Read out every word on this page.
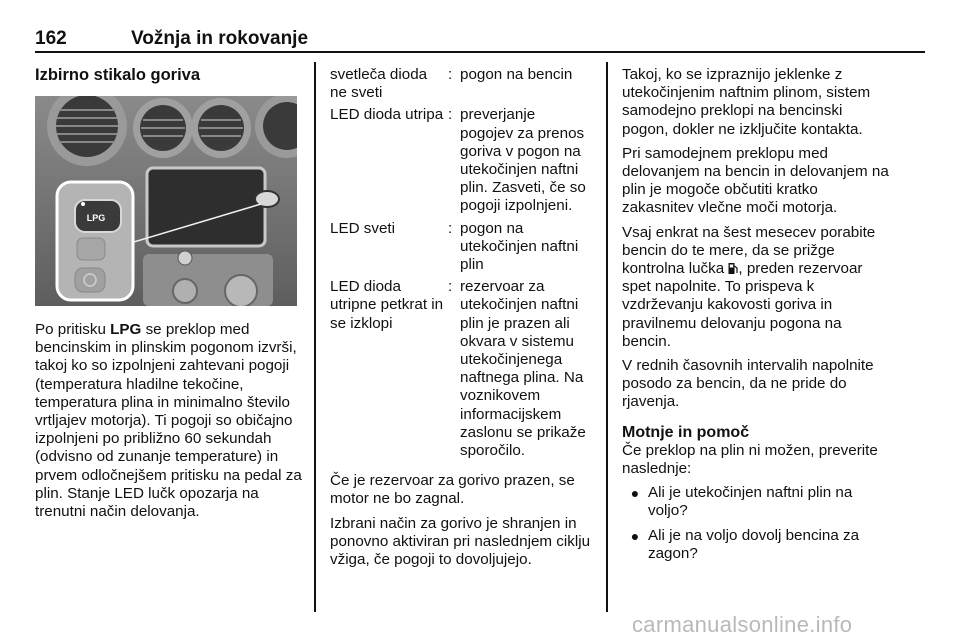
162	Vožnja in rokovanje
Izbirno stikalo goriva
LPG

Po pritisku LPG se preklop med bencinskim in plinskim pogonom izvrši, takoj ko so izpolnjeni zahtevani pogoji (temperatura hladilne tekočine, temperatura plina in minimalno število vrtljajev motorja). Ti pogoji so običajno izpolnjeni po približno 60 sekundah (odvisno od zunanje temperature) in prvem odločnejšem pritisku na pedal za plin. Stanje LED lučk opozarja na trenutni način delovanja.

svetleča dioda ne sveti
: pogon na bencin
LED dioda utripa : preverjanje pogojev za prenos goriva v pogon na utekočinjen naftni plin. Zasveti, če so pogoji izpolnjeni.
LED sveti	: pogon na utekočinjen naftni plin
LED dioda utripne petkrat in se izklopi
: rezervoar za utekočinjen naftni plin je prazen ali okvara v sistemu utekočinjenega naftnega plina. Na voznikovem informacijskem zaslonu se prikaže sporočilo.

Če je rezervoar za gorivo prazen, se motor ne bo zagnal.

Izbrani način za gorivo je shranjen in ponovno aktiviran pri naslednjem ciklju vžiga, če pogoji to dovoljujejo.

Takoj, ko se izpraznijo jeklenke z utekočinjenim naftnim plinom, sistem samodejno preklopi na bencinski pogon, dokler ne izključite kontakta.

Pri samodejnem preklopu med delovanjem na bencin in delovanjem na plin je mogoče občutiti kratko zakasnitev vlečne moči motorja.

Vsaj enkrat na šest mesecev porabite bencin do te mere, da se prižge kontrolna lučka , preden rezervoar spet napolnite. To prispeva k vzdrževanju kakovosti goriva in pravilnemu delovanju pogona na bencin.

V rednih časovnih intervalih napolnite posodo za bencin, da ne pride do rjavenja.

Motnje in pomoč

Če preklop na plin ni možen, preverite naslednje:

● Ali je utekočinjen naftni plin na voljo?
● Ali je na voljo dovolj bencina za zagon?
carmanualsonline.info
